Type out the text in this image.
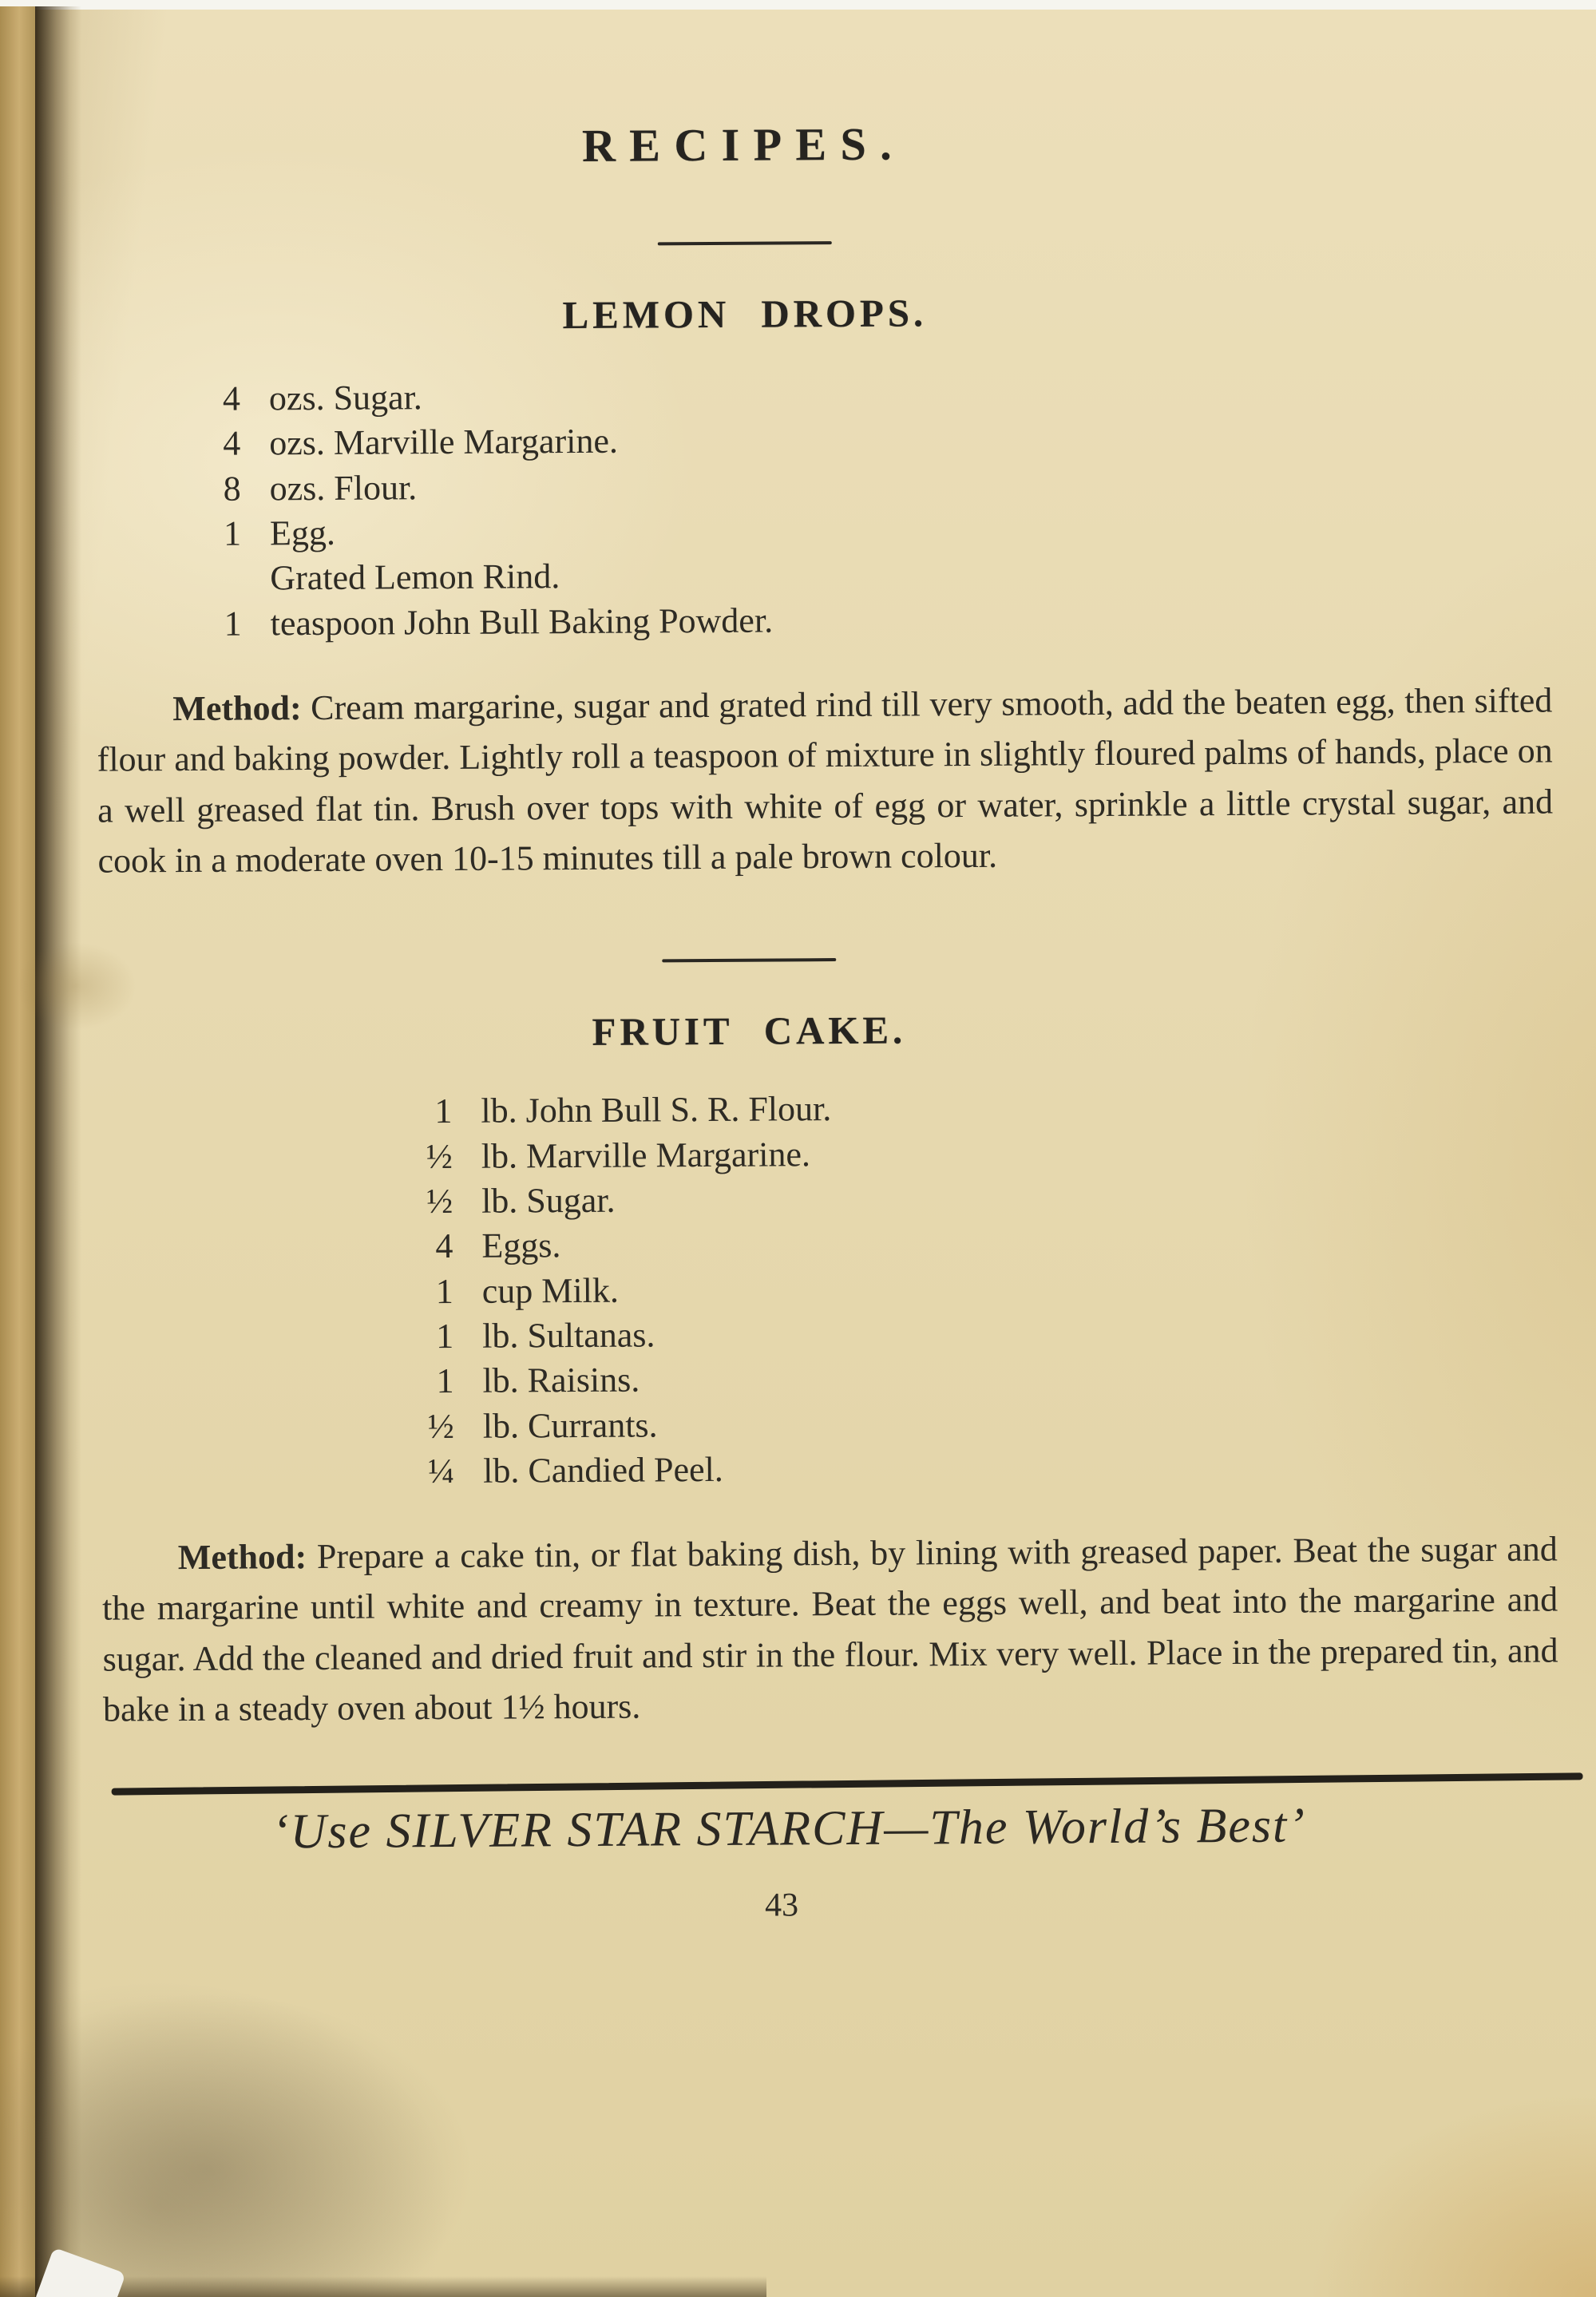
RECIPES.
LEMON DROPS.
4 ozs. Sugar.
4 ozs. Marville Margarine.
8 ozs. Flour.
1 Egg.
Grated Lemon Rind.
1 teaspoon John Bull Baking Powder.

Method: Cream margarine, sugar and grated rind till very smooth, add the beaten egg, then sifted flour and baking powder. Lightly roll a teaspoon of mixture in slightly floured palms of hands, place on a well greased flat tin. Brush over tops with white of egg or water, sprinkle a little crystal sugar, and cook in a moderate oven 10-15 minutes till a pale brown colour.

FRUIT CAKE.
1 lb. John Bull S. R. Flour.
½ lb. Marville Margarine.
½ lb. Sugar.
4 Eggs.
1 cup Milk.
1 lb. Sultanas.
1 lb. Raisins.
½ lb. Currants.
¼ lb. Candied Peel.

Method: Prepare a cake tin, or flat baking dish, by lining with greased paper. Beat the sugar and the margarine until white and creamy in texture. Beat the eggs well, and beat into the margarine and sugar. Add the cleaned and dried fruit and stir in the flour. Mix very well. Place in the prepared tin, and bake in a steady oven about 1½ hours.

‘Use SILVER STAR STARCH—The World’s Best’
43
